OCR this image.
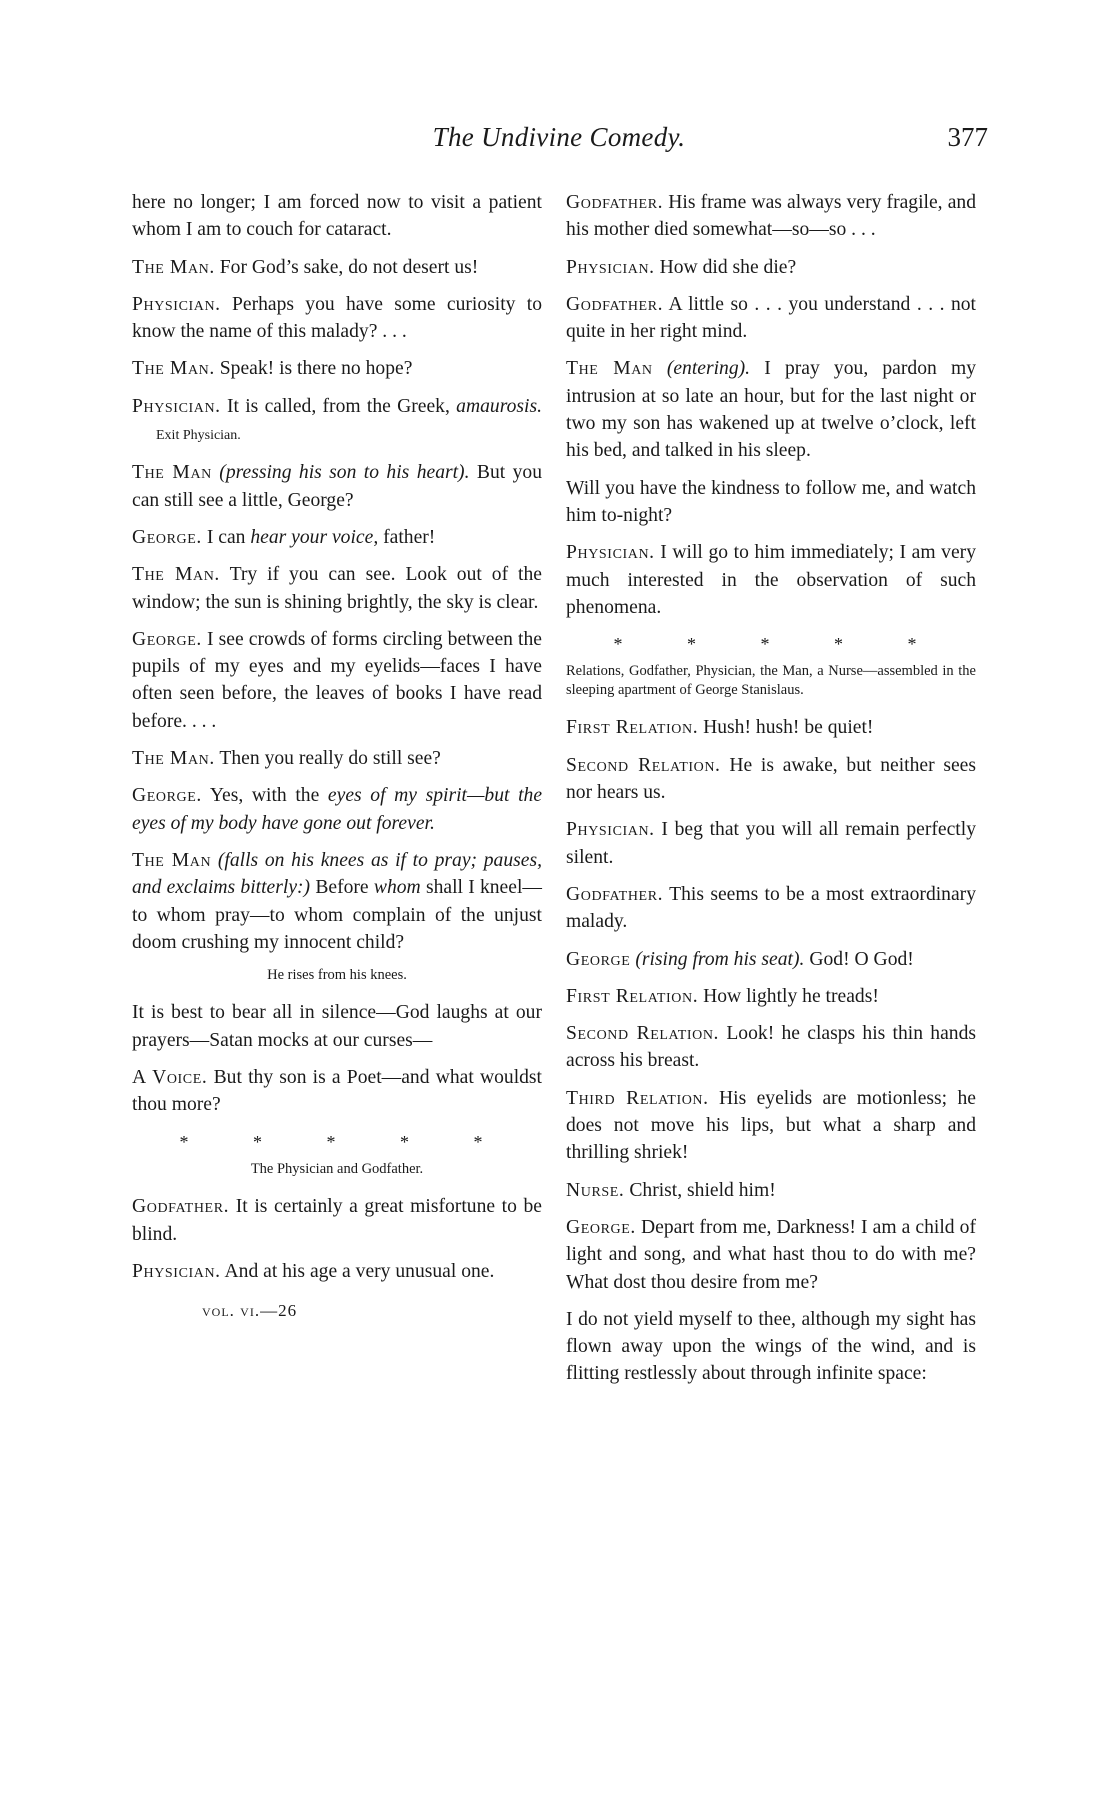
The Undivine Comedy.	377

here no longer; I am forced now to visit a patient whom I am to couch for cataract.

The Man. For God’s sake, do not desert us!

Physician. Perhaps you have some curiosity to know the name of this malady? . . .

The Man. Speak! is there no hope?

Physician. It is called, from the Greek, amaurosis. Exit Physician.

The Man (pressing his son to his heart). But you can still see a little, George?

George. I can hear your voice, father!

The Man. Try if you can see. Look out of the window; the sun is shining brightly, the sky is clear.

George. I see crowds of forms circling between the pupils of my eyes and my eyelids—faces I have often seen before, the leaves of books I have read before. . . .

The Man. Then you really do still see?

George. Yes, with the eyes of my spirit—but the eyes of my body have gone out forever.

The Man (falls on his knees as if to pray; pauses, and exclaims bitterly:) Before whom shall I kneel—to whom pray—to whom complain of the unjust doom crushing my innocent child?

He rises from his knees.

It is best to bear all in silence—God laughs at our prayers—Satan mocks at our curses—

A Voice. But thy son is a Poet—and what wouldst thou more?

* * * * *

The Physician and Godfather.

Godfather. It is certainly a great misfortune to be blind.

Physician. And at his age a very unusual one.

vol. vi.—26

Godfather. His frame was always very fragile, and his mother died somewhat—so—so . . .

Physician. How did she die?

Godfather. A little so . . . you understand . . . not quite in her right mind.

The Man (entering). I pray you, pardon my intrusion at so late an hour, but for the last night or two my son has wakened up at twelve o’clock, left his bed, and talked in his sleep.

Will you have the kindness to follow me, and watch him to-night?

Physician. I will go to him immediately; I am very much interested in the observation of such phenomena.

* * * * *

Relations, Godfather, Physician, the Man, a Nurse—assembled in the sleeping apartment of George Stanislaus.

First Relation. Hush! hush! be quiet!

Second Relation. He is awake, but neither sees nor hears us.

Physician. I beg that you will all remain perfectly silent.

Godfather. This seems to be a most extraordinary malady.

George (rising from his seat). God! O God!

First Relation. How lightly he treads!

Second Relation. Look! he clasps his thin hands across his breast.

Third Relation. His eyelids are motionless; he does not move his lips, but what a sharp and thrilling shriek!

Nurse. Christ, shield him!

George. Depart from me, Darkness! I am a child of light and song, and what hast thou to do with me? What dost thou desire from me?

I do not yield myself to thee, although my sight has flown away upon the wings of the wind, and is flitting restlessly about through infinite space:
